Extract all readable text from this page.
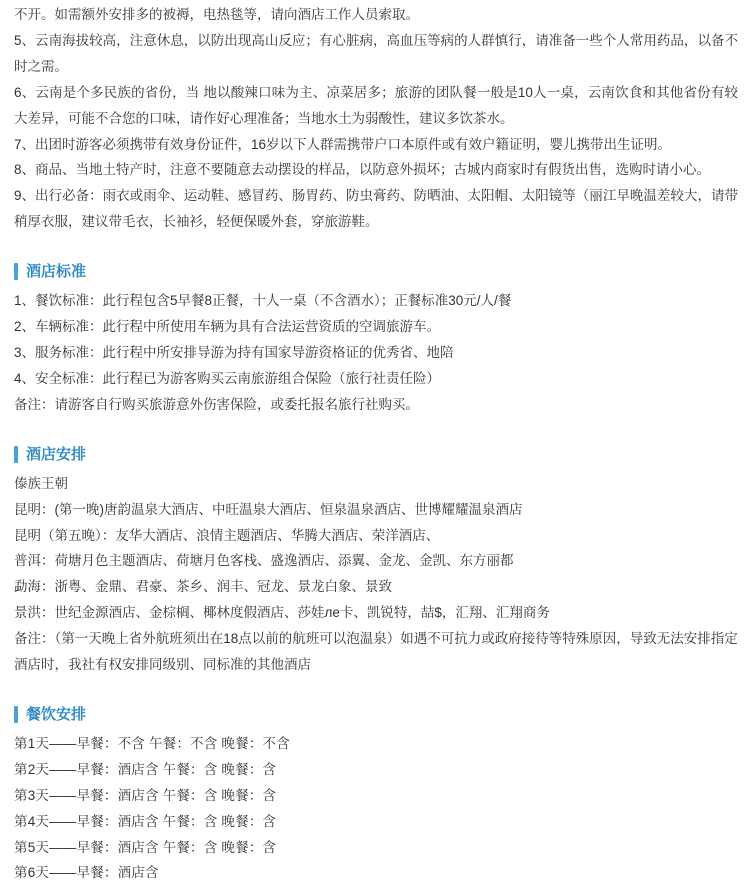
不开。如需额外安排多的被褥，电热毯等，请向酒店工作人员索取。

5、云南海拔较高，注意休息，以防出现高山反应；有心脏病，高血压等病的人群慎行，请准备一些个人常用药品，以备不时之需。

6、云南是个多民族的省份，当 地以酸辣口味为主、凉菜居多；旅游的团队餐一般是10人一桌，云南饮食和其他省份有较大差异，可能不合您的口味，请作好心理准备；当地水土为弱酸性，建议多饮茶水。

7、出团时游客必须携带有效身份证件，16岁以下人群需携带户口本原件或有效户籍证明，婴儿携带出生证明。

8、商品、当地土特产时，注意不要随意去动摆设的样品，以防意外损坏；古城内商家时有假货出售，选购时请小心。

9、出行必备：雨衣或雨伞、运动鞋、感冒药、肠胃药、防虫膏药、防晒油、太阳帽、太阳镜等（丽江早晚温差较大，请带稍厚衣服，建议带毛衣，长袖衫，轻便保暖外套，穿旅游鞋。

酒店标准

1、餐饮标准：此行程包含5早餐8正餐，十人一桌（不含酒水）；正餐标准30元/人/餐

2、车辆标准：此行程中所使用车辆为具有合法运营资质的空调旅游车。

3、服务标准：此行程中所安排导游为持有国家导游资格证的优秀省、地陪

4、安全标准：此行程已为游客购买云南旅游组合保险（旅行社责任险）

备注：请游客自行购买旅游意外伤害保险，或委托报名旅行社购买。

酒店安排

傣族王朝

昆明：(第一晚)唐韵温泉大酒店、中旺温泉大酒店、恒泉温泉酒店、世博耀耀温泉酒店

昆明（第五晚）：友华大酒店、浪情主题酒店、华腾大酒店、荣洋酒店、

普洱：荷塘月色主题酒店、荷塘月色客栈、盛逸酒店、添翼、金龙、金凯、东方丽都

勐海：浙粤、金鼎、君豪、茶乡、润丰、冠龙、景龙白象、景致

景洪：世纪金源酒店、金棕榈、椰林度假酒店、莎娃ле卡、凯锐特，喆$，汇翔、汇翔商务

备注：（第一天晚上省外航班须出在18点以前的航班可以泡温泉）如遇不可抗力或政府接待等特殊原因，导致无法安排指定酒店时，我社有权安排同级别、同标准的其他酒店

餐饮安排

第1天——早餐：不含 午餐：不含 晚餐：不含

第2天——早餐：酒店含 午餐：含 晚餐：含

第3天——早餐：酒店含 午餐：含 晚餐：含

第4天——早餐：酒店含 午餐：含 晚餐：含

第5天——早餐：酒店含 午餐：含 晚餐：含

第6天——早餐：酒店含
